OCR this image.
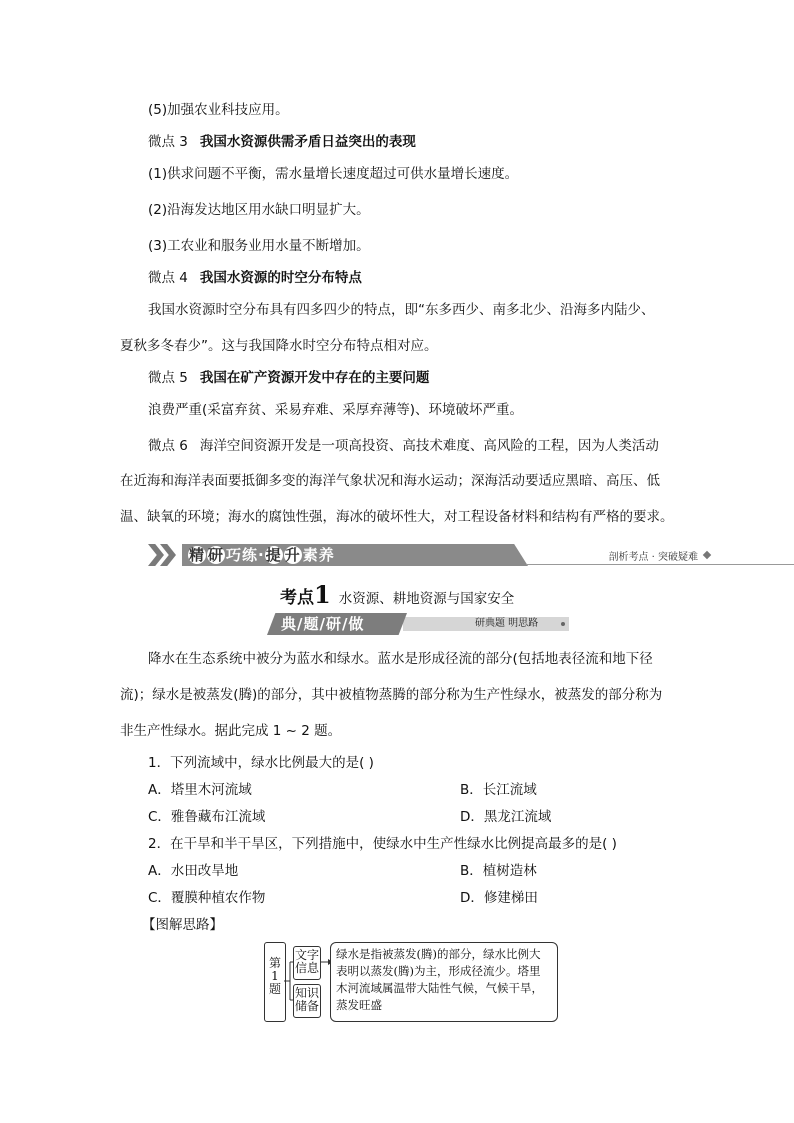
(5)加强农业科技应用。
微点 3 我国水资源供需矛盾日益突出的表现
(1)供求问题不平衡，需水量增长速度超过可供水量增长速度。
(2)沿海发达地区用水缺口明显扩大。
(3)工农业和服务业用水量不断增加。
微点 4 我国水资源的时空分布特点
我国水资源时空分布具有四多四少的特点，即“东多西少、南多北少、沿海多内陆少、
夏秋多冬春少”。这与我国降水时空分布特点相对应。
微点 5 我国在矿产资源开发中存在的主要问题
浪费严重(采富弃贫、采易弃难、采厚弃薄等)、环境破坏严重。
微点 6 海洋空间资源开发是一项高投资、高技术难度、高风险的工程，因为人类活动
在近海和海洋表面要抵御多变的海洋气象状况和海水运动；深海活动要适应黑暗、高压、低
温、缺氧的环境；海水的腐蚀性强，海冰的破坏性大，对工程设备材料和结构有严格的要求。
精 研 巧练·提 升 素养	剖析考点 · 突破疑难
考点1 水资源、耕地资源与国家安全
典/题/研/做	研典题 明思路
降水在生态系统中被分为蓝水和绿水。蓝水是形成径流的部分(包括地表径流和地下径
流)；绿水是被蒸发(腾)的部分，其中被植物蒸腾的部分称为生产性绿水，被蒸发的部分称为
非生产性绿水。据此完成 1 ~ 2 题。
1．下列流域中，绿水比例最大的是( )
A．塔里木河流域	B．长江流域
C．雅鲁藏布江流域	D．黑龙江流域
2．在干旱和半干旱区，下列措施中，使绿水中生产性绿水比例提高最多的是( )
A．水田改旱地	B．植树造林
C．覆膜种植农作物	D．修建梯田
【图解思路】
第1题
文字信息
知识储备
绿水是指被蒸发(腾)的部分，绿水比例大
表明以蒸发(腾)为主，形成径流少。塔里
木河流域属温带大陆性气候，气候干旱，
蒸发旺盛
